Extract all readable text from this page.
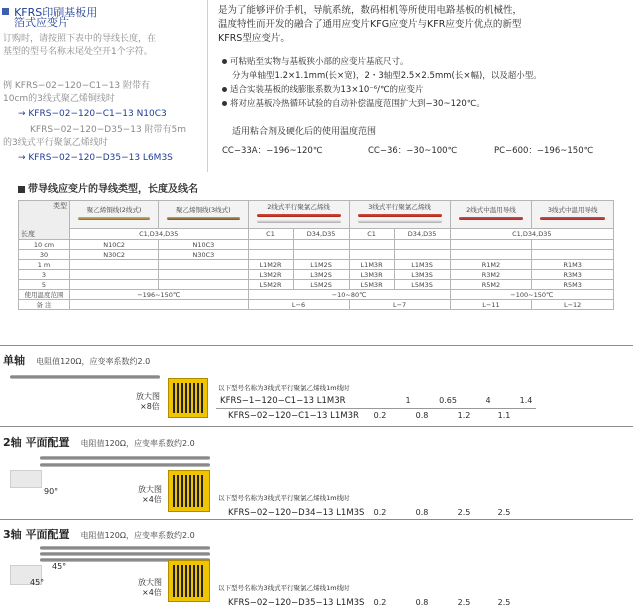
KFRS印刷基板用
箔式应变片
订购时，请按照下表中的导线长度，在
基型的型号名称末尾处空开1个字符。
例 KFRS−02−120−C1−13 附带有
10cm的3线式聚乙烯铜线时
→ KFRS−02−120−C1−13 N10C3
KFRS−02−120−D35−13 附带有5m
的3线式平行聚氯乙烯线时
→ KFRS−02−120−D35−13 L6M3S
是为了能够评价手机，导航系统，数码相机等所使用电路基板的机械性，
温度特性而开发的融合了通用应变片KFG应变片与KFR应变片优点的新型
KFRS型应变片。
可粘贴至实物与基板狭小部的应变片基底尺寸。
分为单轴型1.2×1.1mm(长×宽)，2・3轴型2.5×2.5mm(长×幅)，以及超小型。
适合实装基板的线膨胀系数为13×10⁻⁶/℃的应变片
将对应基板冷热循环试验的自动补偿温度范围扩大到−30~120℃。
适用粘合剂及硬化后的使用温度范围
CC−33A：−196~120℃	CC−36：−30~100℃	PC−600：−196~150℃
带导线应变片的导线类型，长度及线名
类型
长度	聚乙烯铜线(2线式)	聚乙烯铜线(3线式)	2线式平行聚氯乙烯线		3线式平行聚氯乙烯线		2线式中温用导线	3线式中温用导线

	C1,D34,D35		C1	D34,D35	C1	D34,D35	C1,D34,D35	
10 cm	N10C2	N10C3						
30	N30C2	N30C3						
1 m			L1M2R	L1M2S	L1M3R	L1M3S	R1M2	R1M3
3			L3M2R	L3M2S	L3M3R	L3M3S	R3M2	R3M3
5			L5M2R	L5M2S	L5M3R	L5M3S	R5M2	R5M3
使用温度范围	−196~150℃		−10~80℃				−100~150℃	
备 注			L−6		L−7		L−11	L−12
单轴 电阻值120Ω，应变率系数约2.0
放大图
×8倍
以下型号名称为3线式平行聚氯乙烯线1m线时
KFRS−1−120−C1−13 L1M3R	1	0.65	4	1.4
KFRS−02−120−C1−13 L1M3R	0.2	0.8	1.2	1.1
2轴 平面配置 电阻值120Ω，应变率系数约2.0
90°	放大图
×4倍	以下型号名称为3线式平行聚氯乙烯线1m线时
KFRS−02−120−D34−13 L1M3S	0.2	0.8	2.5	2.5
3轴 平面配置 电阻值120Ω，应变率系数约2.0
45°
45°	放大图
×4倍	以下型号名称为3线式平行聚氯乙烯线1m线时
KFRS−02−120−D35−13 L1M3S	0.2	0.8	2.5	2.5
